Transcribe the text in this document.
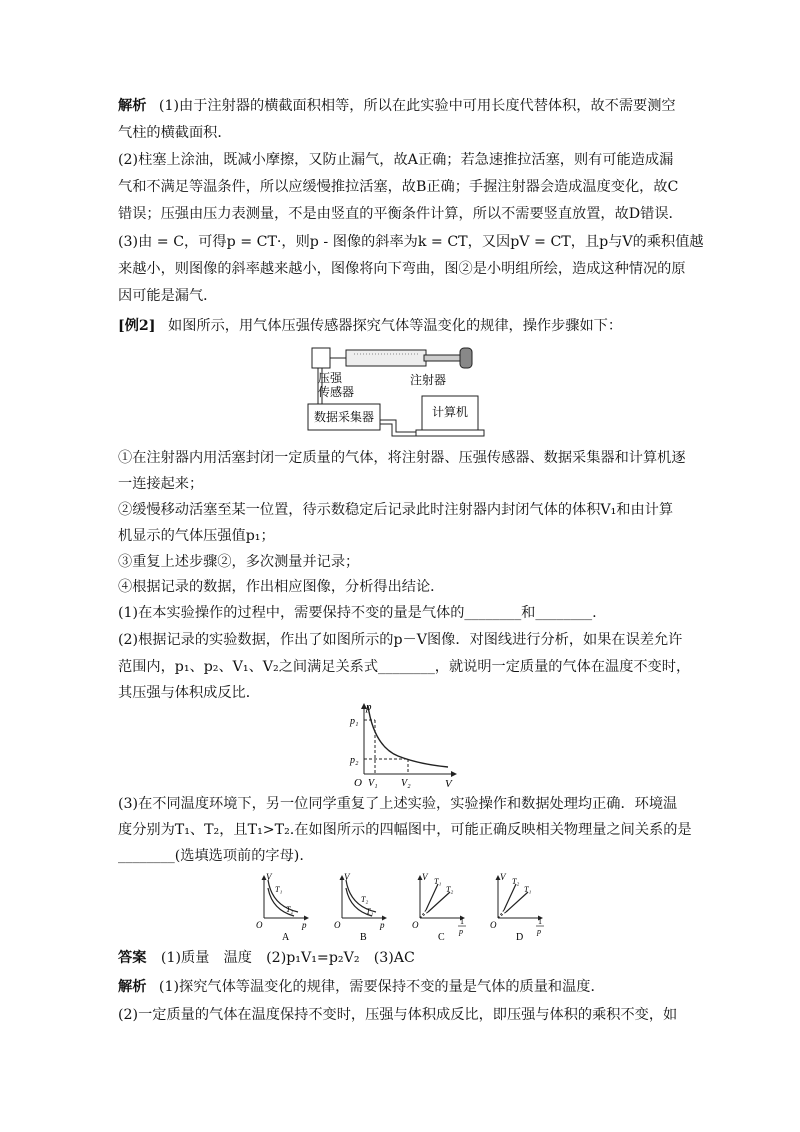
解析 (1)由于注射器的横截面积相等，所以在此实验中可用长度代替体积，故不需要测空
气柱的横截面积．
(2)柱塞上涂油，既减小摩擦，又防止漏气，故A正确；若急速推拉活塞，则有可能造成漏
气和不满足等温条件，所以应缓慢推拉活塞，故B正确；手握注射器会造成温度变化，故C
错误；压强由压力表测量，不是由竖直的平衡条件计算，所以不需要竖直放置，故D错误．
(3)由 = C，可得p = CT·，则p - 图像的斜率为k = CT，又因pV = CT，且p与V的乘积值越
来越小，则图像的斜率越来越小，图像将向下弯曲，图②是小明组所绘，造成这种情况的原
因可能是漏气．
[例2] 如图所示，用气体压强传感器探究气体等温变化的规律，操作步骤如下：
压强
传感器
注射器
数据采集器	计算机
①在注射器内用活塞封闭一定质量的气体，将注射器、压强传感器、数据采集器和计算机逐
一连接起来；
②缓慢移动活塞至某一位置，待示数稳定后记录此时注射器内封闭气体的体积V₁和由计算
机显示的气体压强值p₁；
③重复上述步骤②，多次测量并记录；
④根据记录的数据，作出相应图像，分析得出结论．
(1)在本实验操作的过程中，需要保持不变的量是气体的________和________.
(2)根据记录的实验数据，作出了如图所示的p－V图像．对图线进行分析，如果在误差允许
范围内，p₁、p₂、V₁、V₂之间满足关系式________，就说明一定质量的气体在温度不变时，
其压强与体积成反比．
p
V
O
p₁
p₂
V₁ V₂
(3)在不同温度环境下，另一位同学重复了上述实验，实验操作和数据处理均正确．环境温
度分别为T₁、T₂，且T₁>T₂.在如图所示的四幅图中，可能正确反映相关物理量之间关系的是
________(选填选项前的字母).
V
T₁
T₂
p
O
A
V
T₂
T₁
p
O
B
V T₁
T₂
1
p
O
C
V T₂
T₁
1
p
O
D
答案 (1)质量　温度　(2)p₁V₁=p₂V₂　(3)AC
解析 (1)探究气体等温变化的规律，需要保持不变的量是气体的质量和温度．
(2)一定质量的气体在温度保持不变时，压强与体积成反比，即压强与体积的乘积不变，如
